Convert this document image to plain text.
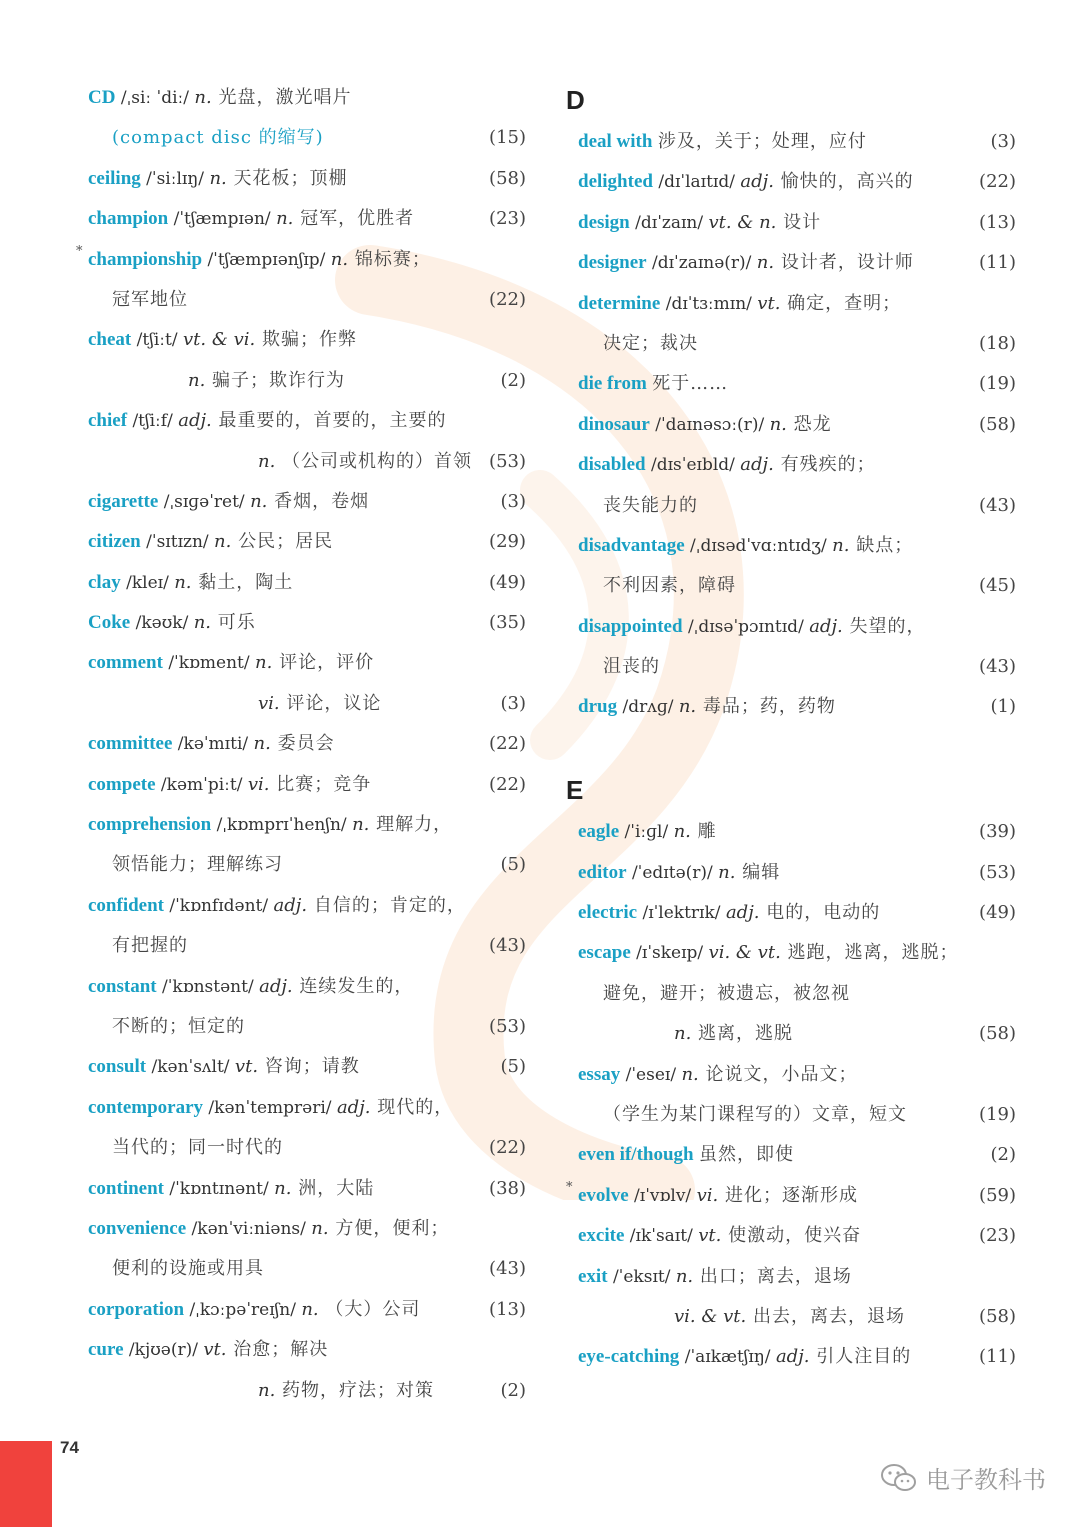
CD /ˌsiː ˈdiː/ n. 光盘，激光唱片
(compact disc 的缩写)	(15)
ceiling /ˈsiːlɪŋ/ n. 天花板；顶棚	(58)
champion /ˈtʃæmpɪən/ n. 冠军，优胜者	(23)
* championship /ˈtʃæmpɪənʃɪp/ n. 锦标赛；
冠军地位	(22)
cheat /tʃiːt/ vt. & vi. 欺骗；作弊
n. 骗子；欺诈行为	(2)
chief /tʃiːf/ adj. 最重要的，首要的，主要的
n. （公司或机构的）首领 (53)
cigarette /ˌsɪɡəˈret/ n. 香烟，卷烟	(3)
citizen /ˈsɪtɪzn/ n. 公民；居民	(29)
clay /kleɪ/ n. 黏土，陶土	(49)
Coke /kəʊk/ n. 可乐	(35)
comment /ˈkɒment/ n. 评论，评价
vi. 评论，议论	(3)
committee /kəˈmɪti/ n. 委员会	(22)
compete /kəmˈpiːt/ vi. 比赛；竞争	(22)
comprehension /ˌkɒmprɪˈhenʃn/ n. 理解力，
领悟能力；理解练习	(5)
confident /ˈkɒnfɪdənt/ adj. 自信的；肯定的，
有把握的	(43)
constant /ˈkɒnstənt/ adj. 连续发生的，
不断的；恒定的	(53)
consult /kənˈsʌlt/ vt. 咨询；请教	(5)
contemporary /kənˈtemprəri/ adj. 现代的，
当代的；同一时代的	(22)
continent /ˈkɒntɪnənt/ n. 洲，大陆	(38)
convenience /kənˈviːniəns/ n. 方便，便利；
便利的设施或用具	(43)
corporation /ˌkɔːpəˈreɪʃn/ n. （大）公司	(13)
cure /kjʊə(r)/ vt. 治愈；解决
n. 药物，疗法；对策	(2)
D
deal with 涉及，关于；处理，应付	(3)
delighted /dɪˈlaɪtɪd/ adj. 愉快的，高兴的	(22)
design /dɪˈzaɪn/ vt. & n. 设计	(13)
designer /dɪˈzaɪnə(r)/ n. 设计者，设计师	(11)
determine /dɪˈtɜːmɪn/ vt. 确定，查明；
决定；裁决	(18)
die from 死于……	(19)
dinosaur /ˈdaɪnəsɔː(r)/ n. 恐龙	(58)
disabled /dɪsˈeɪbld/ adj. 有残疾的；
丧失能力的	(43)
disadvantage /ˌdɪsədˈvɑːntɪdʒ/ n. 缺点；
不利因素，障碍	(45)
disappointed /ˌdɪsəˈpɔɪntɪd/ adj. 失望的，
沮丧的	(43)
drug /drʌɡ/ n. 毒品；药，药物	(1)
E
eagle /ˈiːɡl/ n. 雕	(39)
editor /ˈedɪtə(r)/ n. 编辑	(53)
electric /ɪˈlektrɪk/ adj. 电的，电动的	(49)
escape /ɪˈskeɪp/ vi. & vt. 逃跑，逃离，逃脱；
避免，避开；被遗忘，被忽视
n. 逃离，逃脱	(58)
essay /ˈeseɪ/ n. 论说文，小品文；
（学生为某门课程写的）文章，短文	(19)
even if/though 虽然，即使	(2)
* evolve /ɪˈvɒlv/ vi. 进化；逐渐形成	(59)
excite /ɪkˈsaɪt/ vt. 使激动，使兴奋	(23)
exit /ˈeksɪt/ n. 出口；离去，退场
vi. & vt. 出去，离去，退场	(58)
eye-catching /ˈaɪkætʃɪŋ/ adj. 引人注目的	(11)
74
电子教科书
